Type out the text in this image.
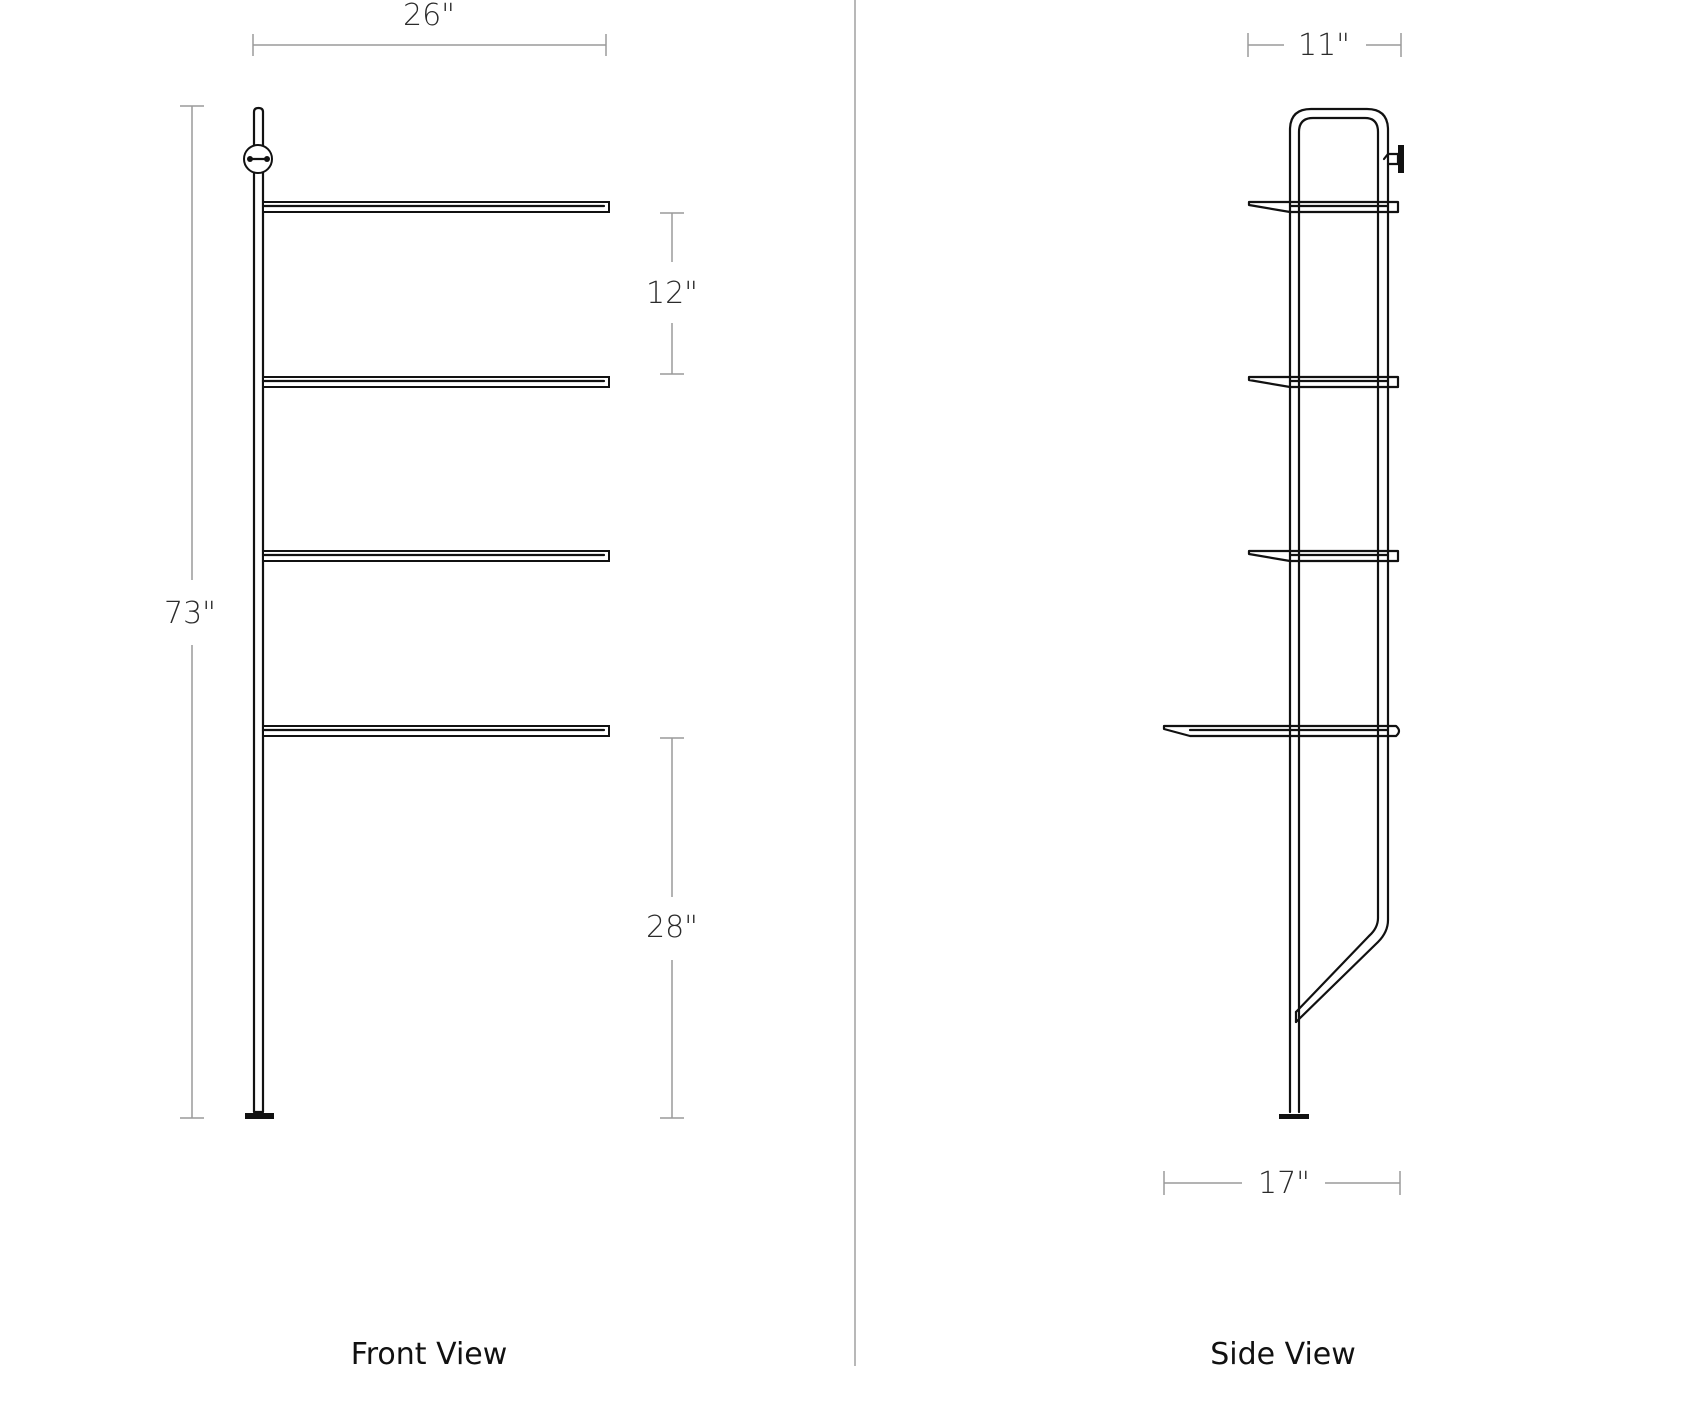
26"
73"
12"
28"
Front View
11"
17"
Side View
